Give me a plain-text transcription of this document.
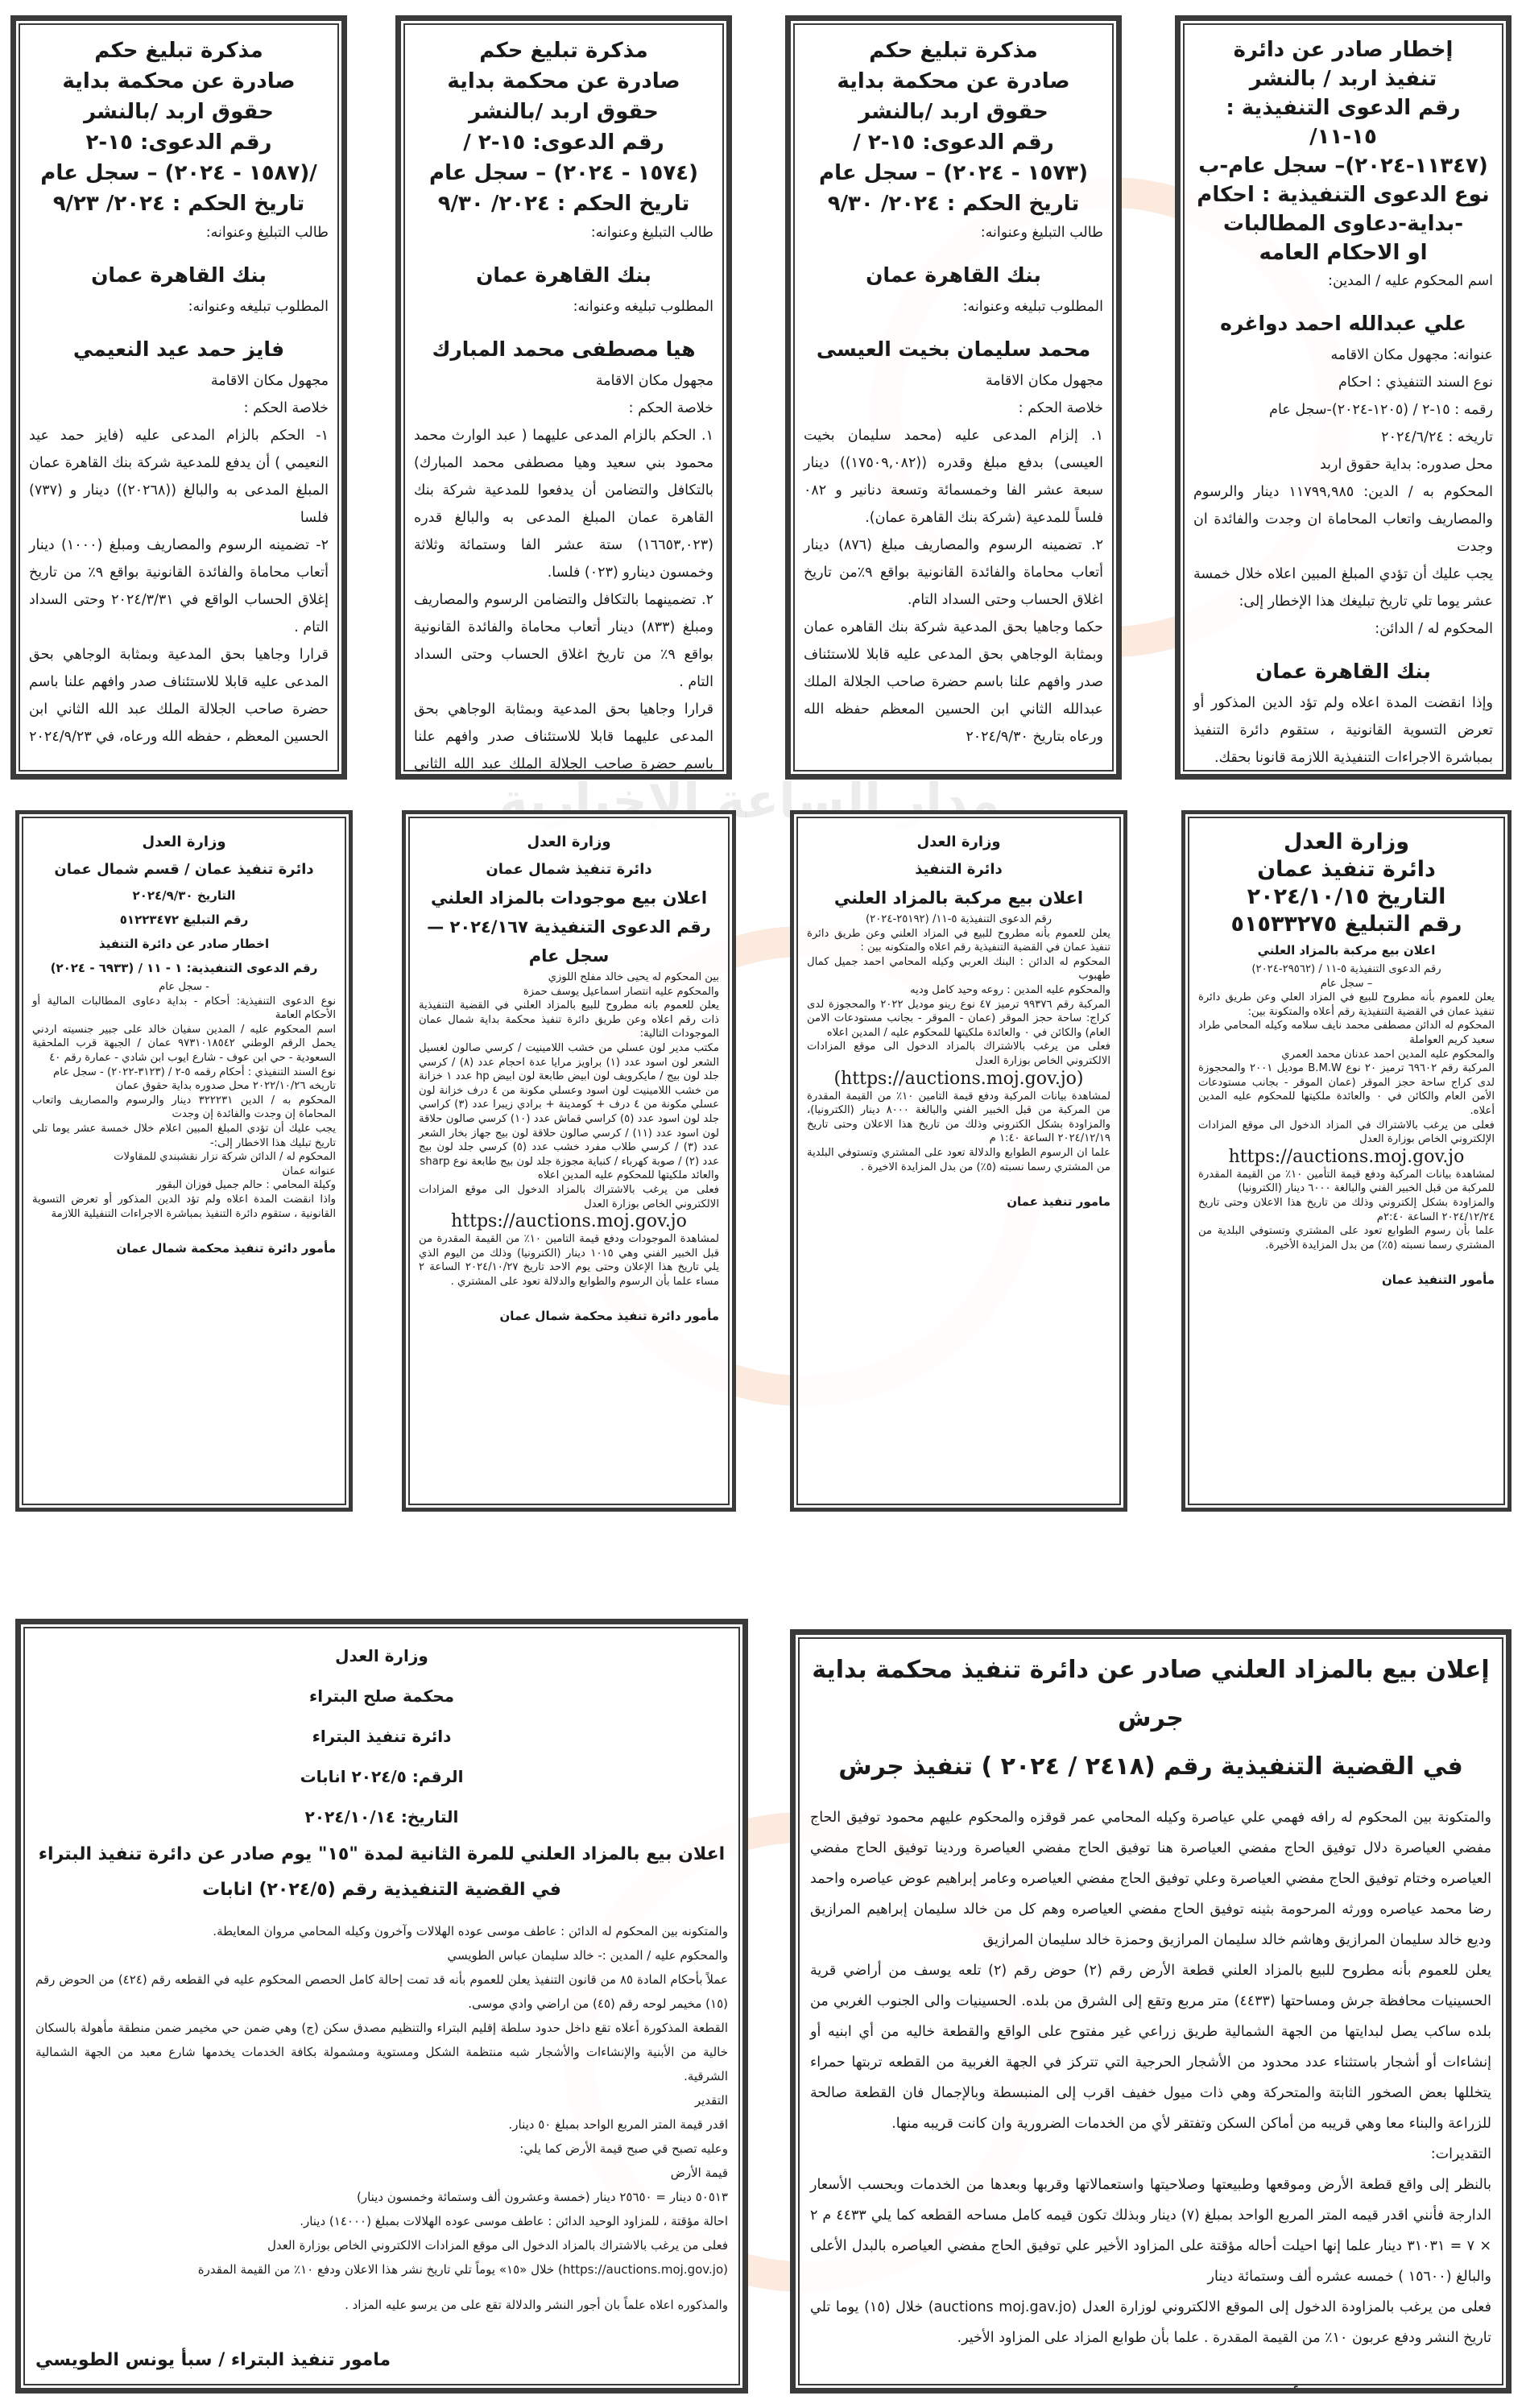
مدار الساعة الإخبارية

إخطار صادر عن دائرة

تنفيذ اربد / بالنشر

رقم الدعوى التنفيذية : ١٥-١١/

(١١٣٤٧-٢٠٢٤)– سجل عام-ب

نوع الدعوى التنفيذية : احكام

-بداية-دعاوى المطالبات

او الاحكام العامه

اسم المحكوم عليه / المدين:

علي عبدالله احمد دواغره

عنوانه: مجهول مكان الاقامه

نوع السند التنفيذي : احكام

رقمه : ١٥-٢ / (١٢٠٥-٢٠٢٤)-سجل عام

تاريخه : ٢٠٢٤/٦/٢٤

محل صدوره: بداية حقوق اربد

المحكوم به / الدين: ١١٧٩٩,٩٨٥ دينار والرسوم والمصاريف واتعاب المحاماة ان وجدت والفائدة ان وجدت

يجب عليك أن تؤدي المبلغ المبين اعلاه خلال خمسة عشر يوما تلي تاريخ تبليغك هذا الإخطار إلى:

المحكوم له / الدائن:

بنك القاهرة عمان

وإذا انقضت المدة اعلاه ولم تؤد الدين المذكور أو تعرض التسوية القانونية ، ستقوم دائرة التنفيذ بمباشرة الاجراءات التنفيذية اللازمة قانونا بحقك.

مذكرة تبليغ حكم

صادرة عن محكمة بداية

حقوق اربد /بالنشر

رقم الدعوى: ١٥-٢ /

(١٥٧٣ - ٢٠٢٤) – سجل عام

تاريخ الحكم : ٢٠٢٤/ ٩/٣٠

طالب التبليغ وعنوانه:

بنك القاهرة عمان

المطلوب تبليغه وعنوانه:

محمد سليمان بخيت العيسى

مجهول مكان الاقامة

خلاصة الحكم :

١. إلزام المدعى عليه (محمد سليمان بخيت العيسى) بدفع مبلغ وقدره ((١٧٥٠٩,٠٨٢)) دينار سبعة عشر الفا وخمسمائة وتسعة دنانير و ٠٨٢ فلساً للمدعية (شركة بنك القاهرة عمان).

٢. تضمينه الرسوم والمصاريف مبلغ (٨٧٦) دينار أتعاب محاماة والفائدة القانونية بواقع ٩٪من تاريخ اغلاق الحساب وحتى السداد التام.

حكما وجاهيا بحق المدعية شركة بنك القاهره عمان وبمثابة الوجاهي بحق المدعى عليه قابلا للاستئناف صدر وافهم علنا باسم حضرة صاحب الجلالة الملك عبدالله الثاني ابن الحسين المعظم حفظه الله ورعاه بتاريخ ٢٠٢٤/٩/٣٠

مذكرة تبليغ حكم

صادرة عن محكمة بداية

حقوق اربد /بالنشر

رقم الدعوى: ١٥-٢ /

(١٥٧٤ - ٢٠٢٤) – سجل عام

تاريخ الحكم : ٢٠٢٤/ ٩/٣٠

طالب التبليغ وعنوانه:

بنك القاهرة عمان

المطلوب تبليغه وعنوانه:

هيا مصطفى محمد المبارك

مجهول مكان الاقامة

خلاصة الحكم :

١. الحكم بالزام المدعى عليهما ( عبد الوارث محمد محمود بني سعيد وهيا مصطفى محمد المبارك) بالتكافل والتضامن أن يدفعوا للمدعية شركة بنك القاهرة عمان المبلغ المدعى به والبالغ قدره (١٦٦٥٣,٠٢٣) ستة عشر الفا وستمائة وثلاثة وخمسون دينارو (٠٢٣) فلسا.

٢. تضمينهما بالتكافل والتضامن الرسوم والمصاريف ومبلغ (٨٣٣) دينار أتعاب محاماة والفائدة القانونية بواقع ٩٪ من تاريخ اغلاق الحساب وحتى السداد التام .

قرارا وجاهيا بحق المدعية وبمثابة الوجاهي بحق المدعى عليهما قابلا للاستئناف صدر وافهم علنا باسم حضرة صاحب الجلالة الملك عبد الله الثاني

مذكرة تبليغ حكم

صادرة عن محكمة بداية

حقوق اربد /بالنشر

رقم الدعوى: ١٥-٢

/(١٥٨٧ - ٢٠٢٤) – سجل عام

تاريخ الحكم : ٢٠٢٤/ ٩/٢٣

طالب التبليغ وعنوانه:

بنك القاهرة عمان

المطلوب تبليغه وعنوانه:

فايز حمد عيد النعيمي

مجهول مكان الاقامة

خلاصة الحكم :

١- الحكم بالزام المدعى عليه (فايز حمد عيد النعيمي ) أن يدفع للمدعية شركة بنك القاهرة عمان المبلغ المدعى به والبالغ ((٢٠٢٦٨)) دينار و (٧٣٧) فلسا

٢- تضمينه الرسوم والمصاريف ومبلغ (١٠٠٠) دينار أتعاب محاماة والفائدة القانونية بواقع ٩٪ من تاريخ إغلاق الحساب الواقع في ٢٠٢٤/٣/٣١ وحتى السداد التام .

قرارا وجاهيا بحق المدعية وبمثابة الوجاهي بحق المدعى عليه قابلا للاستئناف صدر وافهم علنا باسم حضرة صاحب الجلالة الملك عبد الله الثاني ابن الحسين المعظم ، حفظه الله ورعاه، في ٢٠٢٤/٩/٢٣

وزارة العدل

دائرة تنفيذ عمان

التاريخ ٢٠٢٤/١٠/١٥

رقم التبليغ ٥١٥٣٣٢٧٥

اعلان بيع مركبة بالمزاد العلني

رقم الدعوى التنفيذية ٥-١١ / (٢٩٥٦٢-٢٠٢٤)

– سجل عام

يعلن للعموم بأنه مطروح للبيع في المزاد العلي وعن طريق دائرة تنفيذ عمان في القضية التنفيذية رقم أعلاه والمتكونة بين:

المحكوم له الدائن مصطفى محمد نايف سلامه وكيله المحامي طراد سعيد كريم العواملة

والمحكوم عليه المدين احمد عدنان محمد العمري

المركبة رقم ٦٩٦٠٢ ترميز ٢٠ نوع B.M.W موديل ٢٠٠١ والمحجوزة لدى كراج ساحة حجز الموقر (عمان الموقر - بجانب مستودعات الأمن العام والكائن في ٠ والعائدة ملكيتها للمحكوم عليه المدين أعلاه.

فعلى من يرغب بالاشتراك في المزاد الدخول الى موقع المزادات الإلكتروني الخاص بوزارة العدل

https://auctions.moj.gov.jo

لمشاهدة بيانات المركبة ودفع قيمة التأمين ١٠٪ من القيمة المقدرة للمركبة من قبل الخبير الفني والبالغة ٦٠٠٠ دينار (الكترونيا)

والمزاودة بشكل إلكتروني وذلك من تاريخ هذا الاعلان وحتى تاريخ ٢٠٢٤/١٢/٢٤ الساعة ٢:٤٠م

علما بأن رسوم الطوابع تعود على المشتري وتستوفي البلدية من المشتري رسما نسبته (٥٪) من بدل المزايدة الأخيرة.

مأمور التنفيذ عمان

وزارة العدل

دائرة التنفيذ

اعلان بيع مركبة بالمزاد العلني

رقم الدعوى التنفيذية ٥-١١/ (٢٥١٩٢-٢٠٢٤)

يعلن للعموم بأنه مطروح للبيع في المزاد العلني وعن طريق دائرة تنفيذ عمان في القضية التنفيذية رقم اعلاه والمتكونه بين :

المحكوم له الدائن : البنك العربي وكيله المحامي احمد جميل كمال طهبوب

والمحكوم عليه المدين : روعه وحيد كامل وديه

المركبة رقم ٩٩٣٧٦ ترميز ٤٧ نوع رينو موديل ٢٠٢٢ والمحجوزة لدى كراج: ساحة حجز الموقر (عمان - الموقر - بجانب مستودعات الامن العام) والكائن في ٠ والعائدة ملكيتها للمحكوم عليه / المدين اعلاه

فعلى من يرغب بالاشتراك بالمزاد الدخول الى موقع المزادات الالكتروني الخاص بوزارة العدل

(https://auctions.moj.gov.jo)

لمشاهدة بيانات المركبة ودفع قيمة التامين ١٠٪ من القيمة المقدرة من المركبة من قبل الخبير الفني والبالغة ٨٠٠٠ دينار (الكترونيا)، والمزاودة بشكل الكتروني وذلك من تاريخ هذا الاعلان وحتى تاريخ ٢٠٢٤/١٢/١٩ الساعة ١:٤٠ م

علما ان الرسوم الطوابع والدلالة تعود على المشتري وتستوفي البلدية من المشتري رسما نسبته (٥٪) من بدل المزايدة الاخيرة .

مامور تنفيذ عمان

وزارة العدل

دائرة تنفيذ شمال عمان

اعلان بيع موجودات بالمزاد العلني

رقم الدعوى التنفيذية ٢٠٢٤/١٦٧ — سجل عام

بين المحكوم له يحيى خالد مفلح اللوزي

والمحكوم عليه انتصار اسماعيل يوسف حمزة

يعلن للعموم بانه مطروح للبيع بالمزاد العلني في القضية التنفيذية ذات رقم اعلاه وعن طريق دائرة تنفيذ محكمة بداية شمال عمان الموجودات التالية:

مكتب مدير لون عسلي من خشب اللامينيت / كرسي صالون لغسيل الشعر لون اسود عدد (١) براويز مرايا عدة احجام عدد (٨) / كرسي جلد لون بيج / مايكرويف لون ابيض طابعة لون ابيض hp عدد ١ خزانة من خشب اللامينيت لون اسود وعسلي مكونة من ٤ درف خزانة لون عسلي مكونة من ٤ درف + كومدينة + برادي زيبرا عدد (٣) كراسي جلد لون اسود عدد (٥) كراسي قماش عدد (١٠) كرسي صالون حلاقة لون اسود عدد (١١) / كرسي صالون حلاقة لون بيج جهاز بخار الشعر عدد (٣) / كرسي طلاب مفرد خشب عدد (٥) كرسي جلد لون بيج عدد (٢) / صوبة كهرباء / كنباية مجوزة جلد لون بيج طابعة نوع sharp

والعائد ملكيتها للمحكوم عليه المدين اعلاه

فعلى من يرغب بالاشتراك بالمزاد الدخول الى موقع المزادات الالكتروني الخاص بوزارة العدل

https://auctions.moj.gov.jo

لمشاهدة الموجودات ودفع قيمة التامين ١٠٪ من القيمة المقدرة من قبل الخبير الفني وهي ١٠١٥ دينار (الكترونيا) وذلك من اليوم الذي يلي تاريخ هذا الإعلان وحتى يوم الاحد تاريخ ٢٠٢٤/١٠/٢٧ الساعة ٢ مساء علما بأن الرسوم والطوابع والدلالة تعود على المشتري .

مأمور دائرة تنفيذ محكمة شمال عمان

وزارة العدل

دائرة تنفيذ عمان / قسم شمال عمان

التاريخ ٢٠٢٤/٩/٣٠

رقم التبليغ ٥١٢٢٣٤٧٢

اخطار صادر عن دائرة التنفيذ

رقم الدعوى التنفيذية: ١ - ١١ / (٦٩٣٣ - ٢٠٢٤)

- سجل عام

نوع الدعوى التنفيذية: أحكام - بداية دعاوى المطالبات المالية أو الأحكام العامة

اسم المحكوم عليه / المدين سفيان خالد على جبير جنسيته اردني يحمل الرقم الوطني ٩٧٣١٠١٨٥٤٢ عمان / الجبهة قرب الملحقية السعودية - حي ابن عوف - شارع ايوب ابن شادي - عمارة رقم ٤٠

نوع السند التنفيذي : أحكام رقمه ٥-٢ / (٣١٢٣-٢٠٢٢) - سجل عام

تاريخه ٢٠٢٢/١٠/٢٦ محل صدوره بداية حقوق عمان

المحكوم به / الدين ٣٢٢٢٣١ دينار والرسوم والمصاريف واتعاب المحاماة إن وجدت والفائدة إن وجدت

يجب عليك أن تؤدي المبلغ المبين اعلام خلال خمسة عشر يوما تلي تاريخ تبليك هذا الاخطار إلى:-

المحكوم له / الدائن شركة نزار نقشبندي للمقاولات

عنوانه عمان

وكيلة المحامي : حالم جميل فوزان البقور

واذا انقضت المدة اعلاه ولم تؤد الدين المذكور أو تعرض التسوية القانونية ، ستقوم دائرة التنفيذ بمباشرة الاجراءات التنفيلية اللازمة

مأمور دائرة تنفيذ محكمة شمال عمان

إعلان بيع بالمزاد العلني صادر عن دائرة تنفيذ محكمة بداية جرش

في القضية التنفيذية رقم (٢٤١٨ / ٢٠٢٤ ) تنفيذ جرش

والمتكونة بين المحكوم له رافه فهمي علي عياصرة وكيله المحامي عمر قوقزه والمحكوم عليهم محمود توفيق الحاج مفضي العياصرة دلال توفيق الحاج مفضي العياصرة هنا توفيق الحاج مفضي العياصرة وردينا توفيق الحاج مفضي العياصره وختام توفيق الحاج مفضي العياصرة وعلي توفيق الحاج مفضي العياصره وعامر إبراهيم عوض عياصره واحمد رضا محمد عياصره وورثه المرحومة بثينه توفيق الحاج مفضي العياصره وهم كل من خالد سليمان إبراهيم المرازيق وديع خالد سليمان المرازيق وهاشم خالد سليمان المرازيق وحمزة خالد سليمان المرازيق

يعلن للعموم بأنه مطروح للبيع بالمزاد العلني قطعة الأرض رقم (٢) حوض رقم (٢) تلعه يوسف من أراضي قرية الحسينيات محافظة جرش ومساحتها (٤٤٣٣) متر مربع وتقع إلى الشرق من بلده. الحسينيات والى الجنوب الغربي من بلده ساكب يصل لبدايتها من الجهة الشمالية طريق زراعي غير مفتوح على الواقع والقطعة خاليه من أي ابنيه أو إنشاءات أو أشجار باستثناء عدد محدود من الأشجار الحرجية التي تتركز في الجهة الغربية من القطعه تربتها حمراء يتخللها بعض الصخور الثابتة والمتحركة وهي ذات ميول خفيف اقرب إلى المنبسطة وبالإجمال فان القطعة صالحة للزراعة والبناء معا وهي قريبه من أماكن السكن وتفتقر لأي من الخدمات الضرورية وان كانت قريبه منها.

التقديرات:

بالنظر إلى واقع قطعة الأرض وموقعها وطبيعتها وصلاحيتها واستعمالاتها وقربها وبعدها من الخدمات وبحسب الأسعار الدارجة فأنني اقدر قيمه المتر المربع الواحد بمبلغ (٧) دينار وبذلك تكون قيمه كامل مساحه القطعه كما يلي ٤٤٣٣ م ٢ × ٧ = ٣١٠٣١ دينار علما إنها احيلت أحاله مؤقتة على المزاود الأخير علي توفيق الحاج مفضي العياصره بالبدل الأعلى والبالغ (١٥٦٠٠ ) خمسه عشره ألف وستمائة دينار

فعلى من يرغب بالمزاودة الدخول إلى الموقع الالكتروني لوزارة العدل (auctions moj.gav.jo) خلال (١٥) يوما تلي تاريخ النشر ودفع عربون ١٠٪ من القيمة المقدرة . علما بأن طوابع المزاد على المزاود الأخير.

وزارة العدل

محكمة صلح البتراء

دائرة تنفيذ البتراء

الرقم: ٢٠٢٤/٥ انابات

التاريخ: ٢٠٢٤/١٠/١٤

اعلان بيع بالمزاد العلني للمرة الثانية لمدة "١٥" يوم صادر عن دائرة تنفيذ البتراء

في القضية التنفيذية رقم (٢٠٢٤/٥) انابات

والمتكونه بين المحكوم له الدائن : عاطف موسى عوده الهلالات وآخرون وكيله المحامي مروان المعايطة.

والمحكوم عليه / المدين :- خالد سليمان عباس الطويسي

عملاً بأحكام المادة ٨٥ من قانون التنفيذ يعلن للعموم بأنه قد تمت إحالة كامل الحصص المحكوم عليه في القطعه رقم (٤٢٤) من الحوض رقم (١٥) مخيمر لوحه رقم (٤٥) من اراضي وادي موسى.

القطعة المذكورة أعلاه تقع داخل حدود سلطة إقليم البتراء والتنظيم مصدق سكن (ج) وهي ضمن حي مخيمر ضمن منطقة مأهولة بالسكان خالية من الأبنية والإنشاءات والأشجار شبه منتظمة الشكل ومستوية ومشمولة بكافة الخدمات يخدمها شارع معبد من الجهة الشمالية الشرقية.

التقدير

اقدر قيمة المتر المربع الواحد بمبلغ ٥٠ دينار.

وعليه تصبح قي صبح قيمة الأرض كما يلي:

قيمة الأرض

٥٠٥١٣ دينار = ٢٥٦٥٠ دينار (خمسة وعشرون ألف وستمائة وخمسون دينار)

احالة مؤقتة ، للمزاود الوحيد الدائن : عاطف موسى عوده الهلالات بمبلغ (١٤٠٠٠) دينار.

فعلى من يرغب بالاشتراك بالمزاد الدخول الى موقع المزادات الالكتروني الخاص بوزارة العدل

(https://auctions.moj.gov.jo) خلال «١٥» يوماً تلي تاريخ نشر هذا الاعلان ودفع ١٠٪ من القيمة المقدرة

والمذكوره اعلاه علماً بان أجور النشر والدلالة تقع على من يرسو عليه المزاد .

مامور تنفيذ البتراء / سبأ يونس الطويسي
